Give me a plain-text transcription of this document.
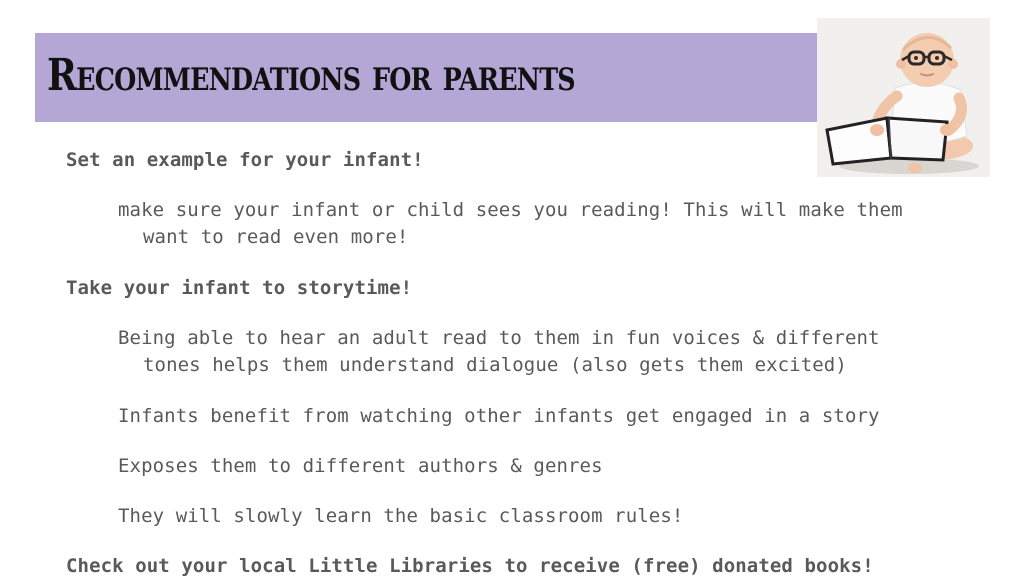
Recommendations for parents
Set an example for your infant!
make sure your infant or child sees you reading! This will make them
want to read even more!
Take your infant to storytime!
Being able to hear an adult read to them in fun voices & different
tones helps them understand dialogue (also gets them excited)
Infants benefit from watching other infants get engaged in a story
Exposes them to different authors & genres
They will slowly learn the basic classroom rules!
Check out your local Little Libraries to receive (free) donated books!
